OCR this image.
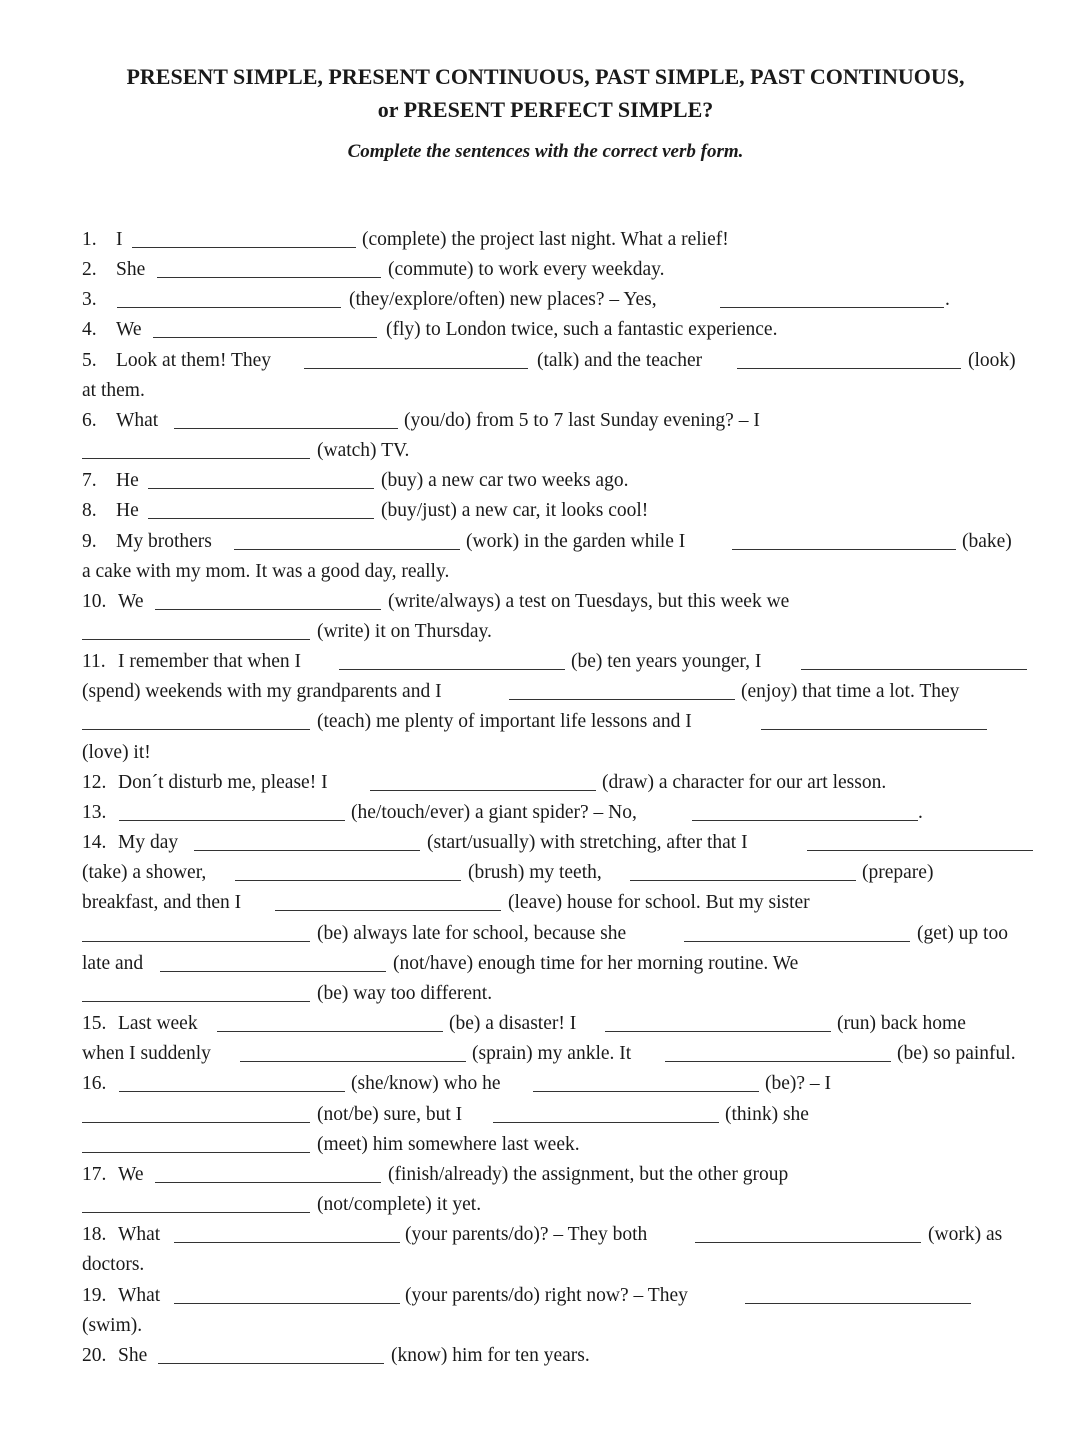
PRESENT SIMPLE, PRESENT CONTINUOUS, PAST SIMPLE, PAST CONTINUOUS,
or PRESENT PERFECT SIMPLE?

Complete the sentences with the correct verb form.

1. I	(complete) the project last night. What a relief!
2. She	(commute) to work every weekday.
3.	(they/explore/often) new places? – Yes,	.
4. We	(fly) to London twice, such a fantastic experience.
5. Look at them! They	(talk) and the teacher	(look)
at them.
6. What	(you/do) from 5 to 7 last Sunday evening? – I
(watch) TV.
7. He	(buy) a new car two weeks ago.
8. He	(buy/just) a new car, it looks cool!
9. My brothers	(work) in the garden while I	(bake)
a cake with my mom. It was a good day, really.
10. We	(write/always) a test on Tuesdays, but this week we
(write) it on Thursday.
11. I remember that when I	(be) ten years younger, I
(spend) weekends with my grandparents and I	(enjoy) that time a lot. They
(teach) me plenty of important life lessons and I
(love) it!
12. Don´t disturb me, please! I	(draw) a character for our art lesson.
13.	(he/touch/ever) a giant spider? – No,	.
14. My day	(start/usually) with stretching, after that I
(take) a shower,	(brush) my teeth,	(prepare)
breakfast, and then I	(leave) house for school. But my sister
(be) always late for school, because she	(get) up too
late and	(not/have) enough time for her morning routine. We
(be) way too different.
15. Last week	(be) a disaster! I	(run) back home
when I suddenly	(sprain) my ankle. It	(be) so painful.
16.	(she/know) who he	(be)? – I
(not/be) sure, but I	(think) she
(meet) him somewhere last week.
17. We	(finish/already) the assignment, but the other group
(not/complete) it yet.
18. What	(your parents/do)? – They both	(work) as
doctors.
19. What	(your parents/do) right now? – They
(swim).
20. She	(know) him for ten years.
